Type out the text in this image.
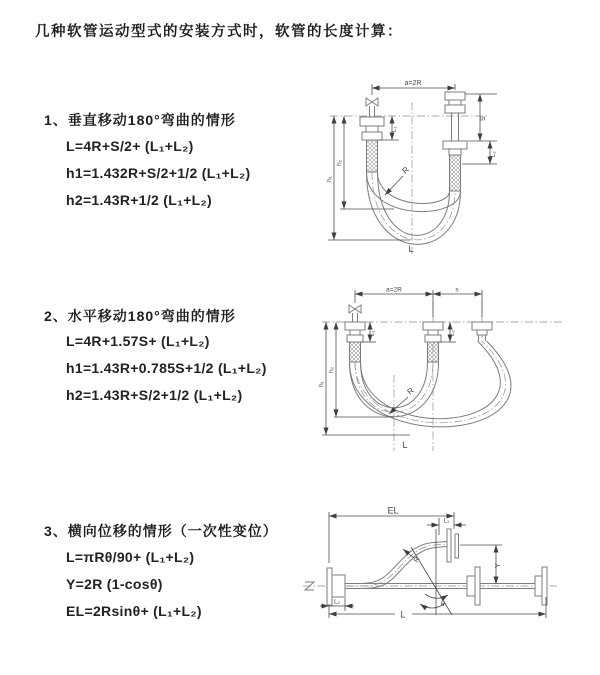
几种软管运动型式的安装方式时，软管的长度计算：
1、垂直移动180°弯曲的情形
L=4R+S/2+ (L₁+L₂)
h1=1.432R+S/2+1/2 (L₁+L₂)
h2=1.43R+1/2 (L₁+L₂)
a=2R
L₁
S
L₂
h₂
h₁
R
L
2、水平移动180°弯曲的情形
L=4R+1.57S+ (L₁+L₂)
h1=1.43R+0.785S+1/2 (L₁+L₂)
h2=1.43R+S/2+1/2 (L₁+L₂)
a=2R	s
L₁	L₂
h₂
h₁
R
L
3、横向位移的情形（一次性变位）
L=πRθ/90+ (L₁+L₂)
Y=2R (1-cosθ)
EL=2Rsinθ+ (L₁+L₂)	θ
EL
L₁
Y
R
L₂
L
